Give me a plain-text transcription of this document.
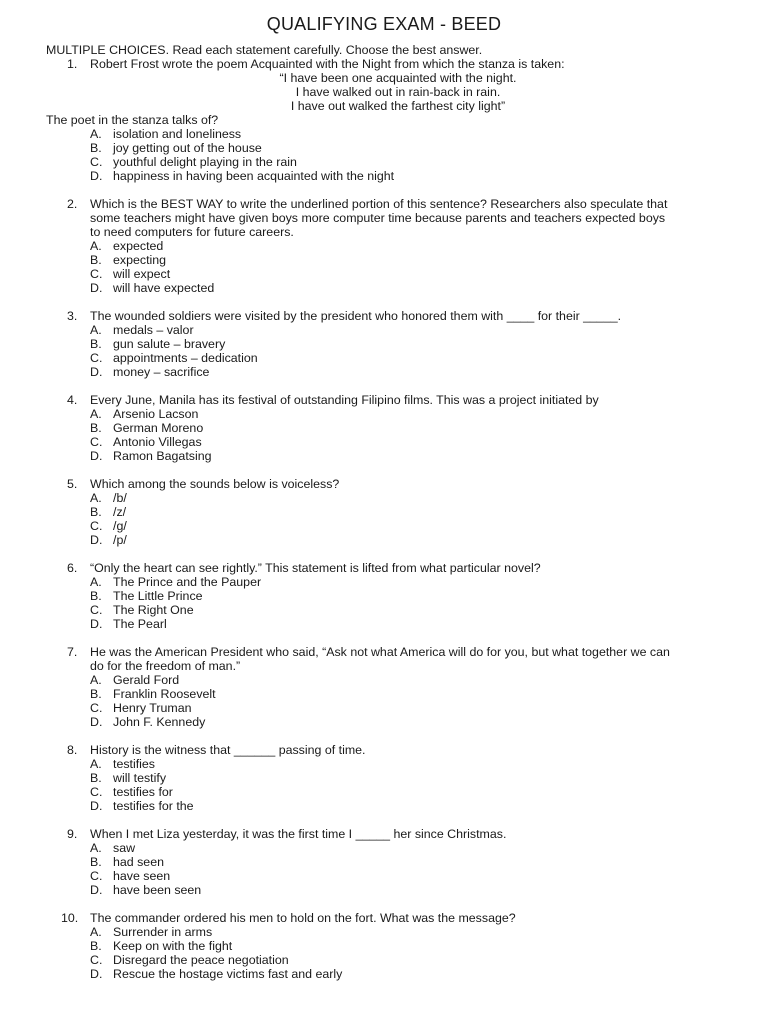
QUALIFYING EXAM - BEED
MULTIPLE CHOICES. Read each statement carefully. Choose the best answer.
1. Robert Frost wrote the poem Acquainted with the Night from which the stanza is taken:
“I have been one acquainted with the night.
I have walked out in rain-back in rain.
I have out walked the farthest city light”
The poet in the stanza talks of?
A. isolation and loneliness
B. joy getting out of the house
C. youthful delight playing in the rain
D. happiness in having been acquainted with the night
2. Which is the BEST WAY to write the underlined portion of this sentence? Researchers also speculate that
some teachers might have given boys more computer time because parents and teachers expected boys
to need computers for future careers.
A. expected
B. expecting
C. will expect
D. will have expected
3. The wounded soldiers were visited by the president who honored them with ____ for their _____.
A. medals – valor
B. gun salute – bravery
C. appointments – dedication
D. money – sacrifice
4. Every June, Manila has its festival of outstanding Filipino films. This was a project initiated by
A. Arsenio Lacson
B. German Moreno
C. Antonio Villegas
D. Ramon Bagatsing
5. Which among the sounds below is voiceless?
A. /b/
B. /z/
C. /g/
D. /p/
6. “Only the heart can see rightly.” This statement is lifted from what particular novel?
A. The Prince and the Pauper
B. The Little Prince
C. The Right One
D. The Pearl
7. He was the American President who said, “Ask not what America will do for you, but what together we can
do for the freedom of man.”
A. Gerald Ford
B. Franklin Roosevelt
C. Henry Truman
D. John F. Kennedy
8. History is the witness that ______ passing of time.
A. testifies
B. will testify
C. testifies for
D. testifies for the
9. When I met Liza yesterday, it was the first time I _____ her since Christmas.
A. saw
B. had seen
C. have seen
D. have been seen
10. The commander ordered his men to hold on the fort. What was the message?
A. Surrender in arms
B. Keep on with the fight
C. Disregard the peace negotiation
D. Rescue the hostage victims fast and early
